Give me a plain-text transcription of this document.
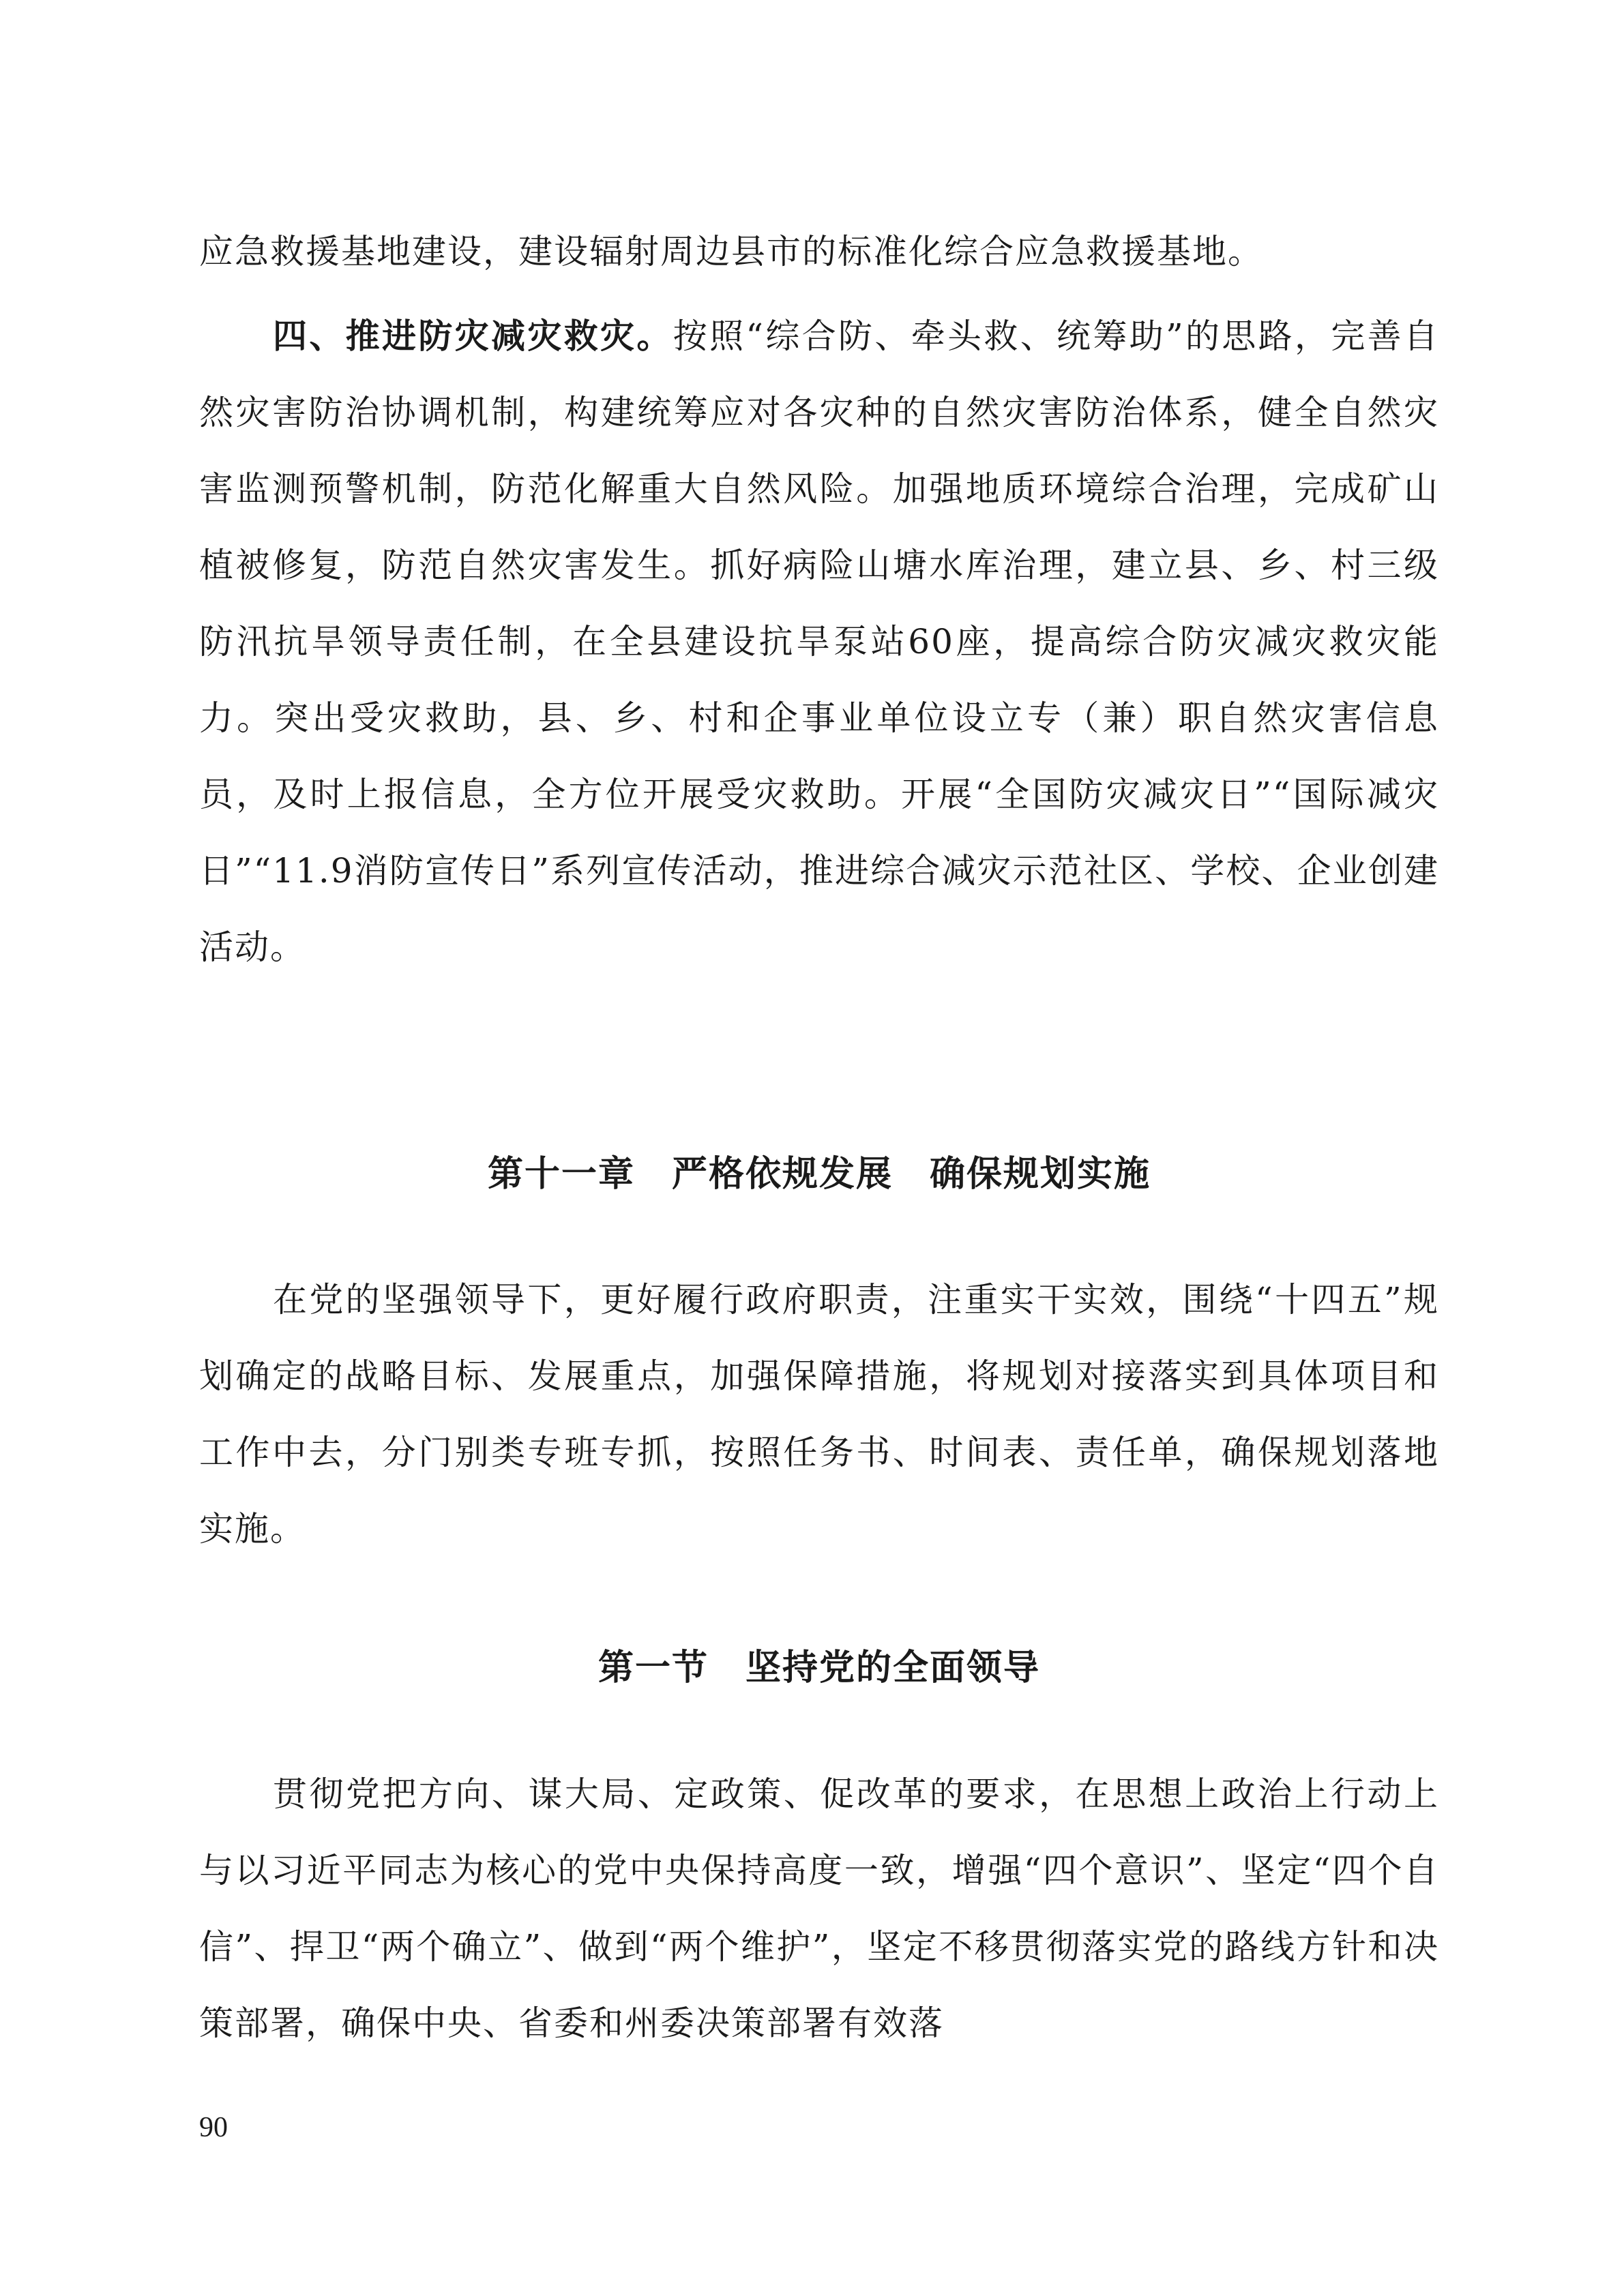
应急救援基地建设，建设辐射周边县市的标准化综合应急救援基地。

四、推进防灾减灾救灾。按照“综合防、牵头救、统筹助”的思路，完善自然灾害防治协调机制，构建统筹应对各灾种的自然灾害防治体系，健全自然灾害监测预警机制，防范化解重大自然风险。加强地质环境综合治理，完成矿山植被修复，防范自然灾害发生。抓好病险山塘水库治理，建立县、乡、村三级防汛抗旱领导责任制，在全县建设抗旱泵站60座，提高综合防灾减灾救灾能力。突出受灾救助，县、乡、村和企事业单位设立专（兼）职自然灾害信息员，及时上报信息，全方位开展受灾救助。开展“全国防灾减灾日”“国际减灾日”“11.9消防宣传日”系列宣传活动，推进综合减灾示范社区、学校、企业创建活动。

第十一章　严格依规发展　确保规划实施

在党的坚强领导下，更好履行政府职责，注重实干实效，围绕“十四五”规划确定的战略目标、发展重点，加强保障措施，将规划对接落实到具体项目和工作中去，分门别类专班专抓，按照任务书、时间表、责任单，确保规划落地实施。

第一节　坚持党的全面领导

贯彻党把方向、谋大局、定政策、促改革的要求，在思想上政治上行动上与以习近平同志为核心的党中央保持高度一致，增强“四个意识”、坚定“四个自信”、捍卫“两个确立”、做到“两个维护”，坚定不移贯彻落实党的路线方针和决策部署，确保中央、省委和州委决策部署有效落

90
